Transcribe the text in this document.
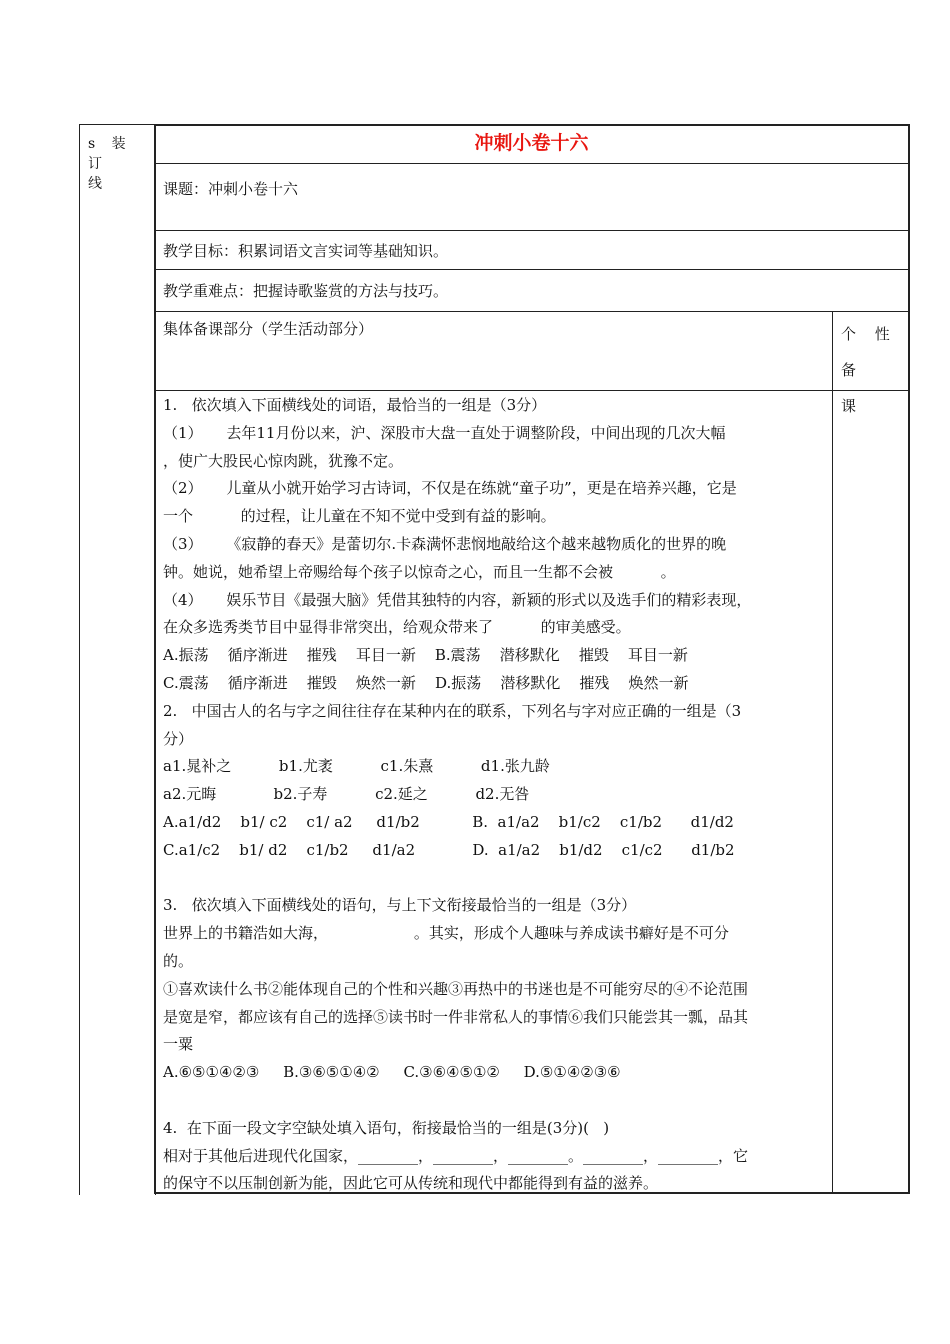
s 装 订
线
冲刺小卷十六
课题：冲刺小卷十六
教学目标：积累词语文言实词等基础知识。
教学重难点：把握诗歌鉴赏的方法与技巧。
集体备课部分（学生活动部分）	个 性 备
课

1.   依次填入下面横线处的词语，最恰当的一组是（3分）

（1）     去年11月份以来，沪、深股市大盘一直处于调整阶段，中间出现的几次大幅

，使广大股民心惊肉跳，犹豫不定。

（2）     儿童从小就开始学习古诗词，不仅是在练就“童子功”，更是在培养兴趣，它是

一个          的过程，让儿童在不知不觉中受到有益的影响。

（3）     《寂静的春天》是蕾切尔.卡森满怀悲悯地敲给这个越来越物质化的世界的晚

钟。她说，她希望上帝赐给每个孩子以惊奇之心，而且一生都不会被          。

（4）     娱乐节目《最强大脑》凭借其独特的内容，新颖的形式以及选手们的精彩表现，

在众多选秀类节目中显得非常突出，给观众带来了          的审美感受。

A.振荡    循序渐进    摧残    耳目一新    B.震荡    潜移默化    摧毁    耳目一新

C.震荡    循序渐进    摧毁    焕然一新    D.振荡    潜移默化    摧残    焕然一新

2.   中国古人的名与字之间往往存在某种内在的联系，下列名与字对应正确的一组是（3

分）

a1.晁补之          b1.尤袤          c1.朱熹          d1.张九龄

a2.元晦            b2.子寿          c2.延之          d2.无咎

A.a1/d2    b1/ c2    c1/ a2     d1/b2           B.  a1/a2    b1/c2    c1/b2      d1/d2

C.a1/c2    b1/ d2    c1/b2     d1/a2            D.  a1/a2    b1/d2    c1/c2      d1/b2

3.   依次填入下面横线处的语句，与上下文衔接最恰当的一组是（3分）

世界上的书籍浩如大海，                  。其实，形成个人趣味与养成读书癖好是不可分

的。

①喜欢读什么书②能体现自己的个性和兴趣③再热中的书迷也是不可能穷尽的④不论范围

是宽是窄，都应该有自己的选择⑤读书时一件非常私人的事情⑥我们只能尝其一瓢，品其

一粟

A.⑥⑤①④②③     B.③⑥⑤①④②     C.③⑥④⑤①②     D.⑤①④②③⑥

4.  在下面一段文字空缺处填入语句，衔接最恰当的一组是(3分)(   )

相对于其他后进现代化国家，________，________，________。________，________，它

的保守不以压制创新为能，因此它可从传统和现代中都能得到有益的滋养。
